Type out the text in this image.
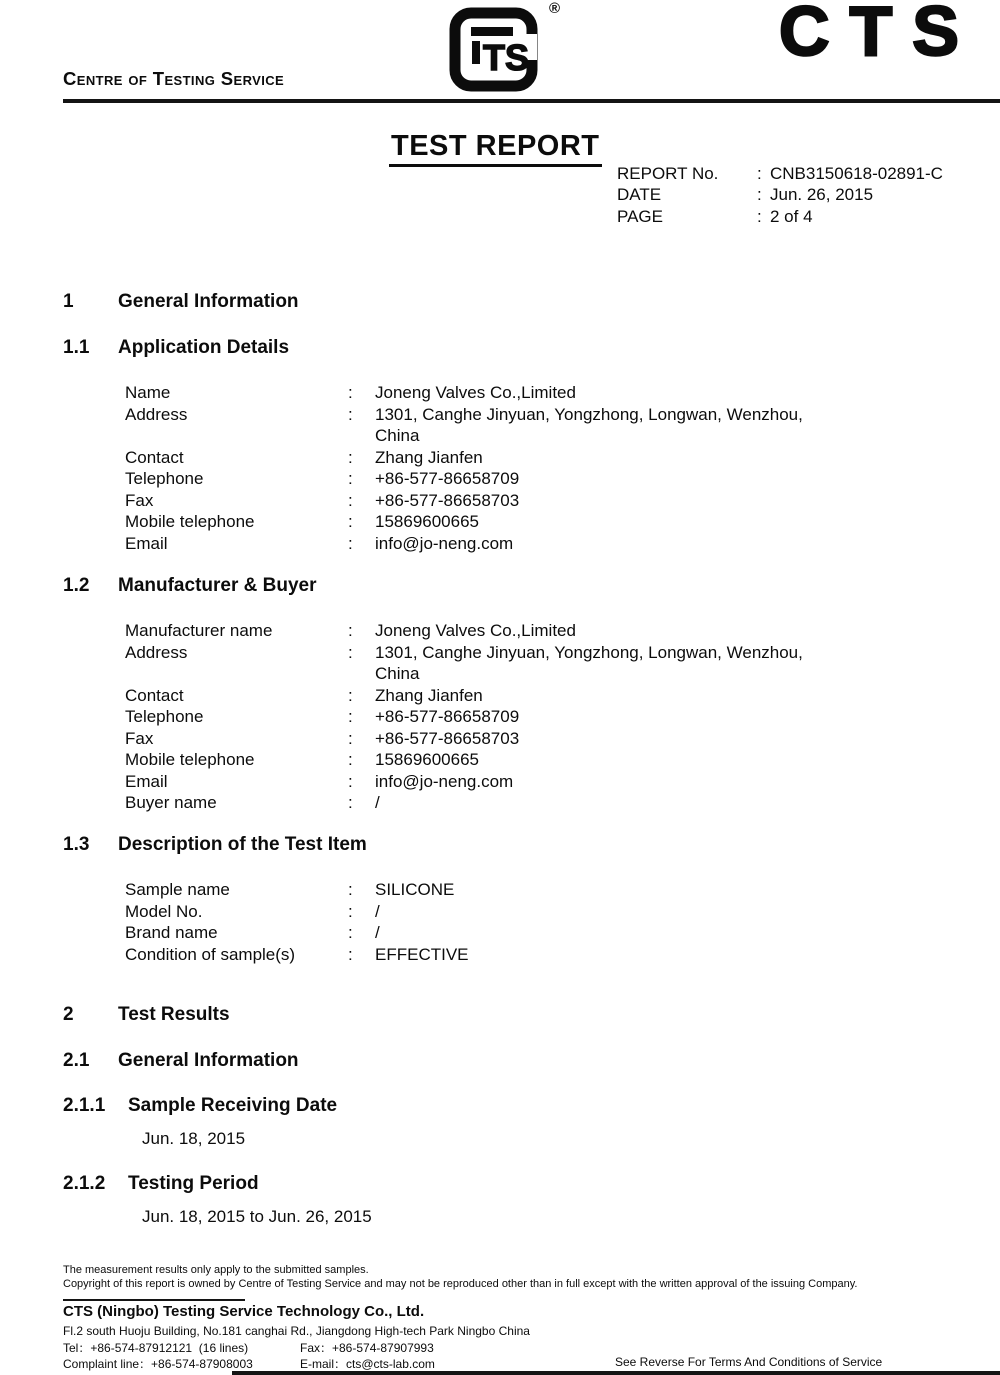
Centre of Testing Service
TS
®	CTS
TEST REPORT
REPORT No.	: CNB3150618-02891-C
DATE	: Jun. 26, 2015
PAGE	: 2 of 4
1	General Information
1.1	Application Details
Name	:	Joneng Valves Co.,Limited
Address	:	1301, Canghe Jinyuan, Yongzhong, Longwan, Wenzhou,
China
Contact	:	Zhang Jianfen
Telephone	:	+86-577-86658709
Fax	:	+86-577-86658703
Mobile telephone	:	15869600665
Email	:	info@jo-neng.com
1.2	Manufacturer & Buyer
Manufacturer name	:	Joneng Valves Co.,Limited
Address	:	1301, Canghe Jinyuan, Yongzhong, Longwan, Wenzhou,
China
Contact	:	Zhang Jianfen
Telephone	:	+86-577-86658709
Fax	:	+86-577-86658703
Mobile telephone	:	15869600665
Email	:	info@jo-neng.com
Buyer name	:	/
1.3	Description of the Test Item
Sample name	:	SILICONE
Model No.	:	/
Brand name	:	/
Condition of sample(s)	:	EFFECTIVE
2	Test Results
2.1	General Information
2.1.1	Sample Receiving Date
Jun. 18, 2015
2.1.2	Testing Period
Jun. 18, 2015 to Jun. 26, 2015
The measurement results only apply to the submitted samples.
Copyright of this report is owned by Centre of Testing Service and may not be reproduced other than in full except with the written approval of the issuing Company.
CTS (Ningbo) Testing Service Technology Co., Ltd.
Fl.2 south Huoju Building, No.181 canghai Rd., Jiangdong High-tech Park Ningbo China
Tel：+86-574-87912121  (16 lines)	Fax：+86-574-87907993
Complaint line：+86-574-87908003	E-mail：cts@cts-lab.com	See Reverse For Terms And Conditions of Service
